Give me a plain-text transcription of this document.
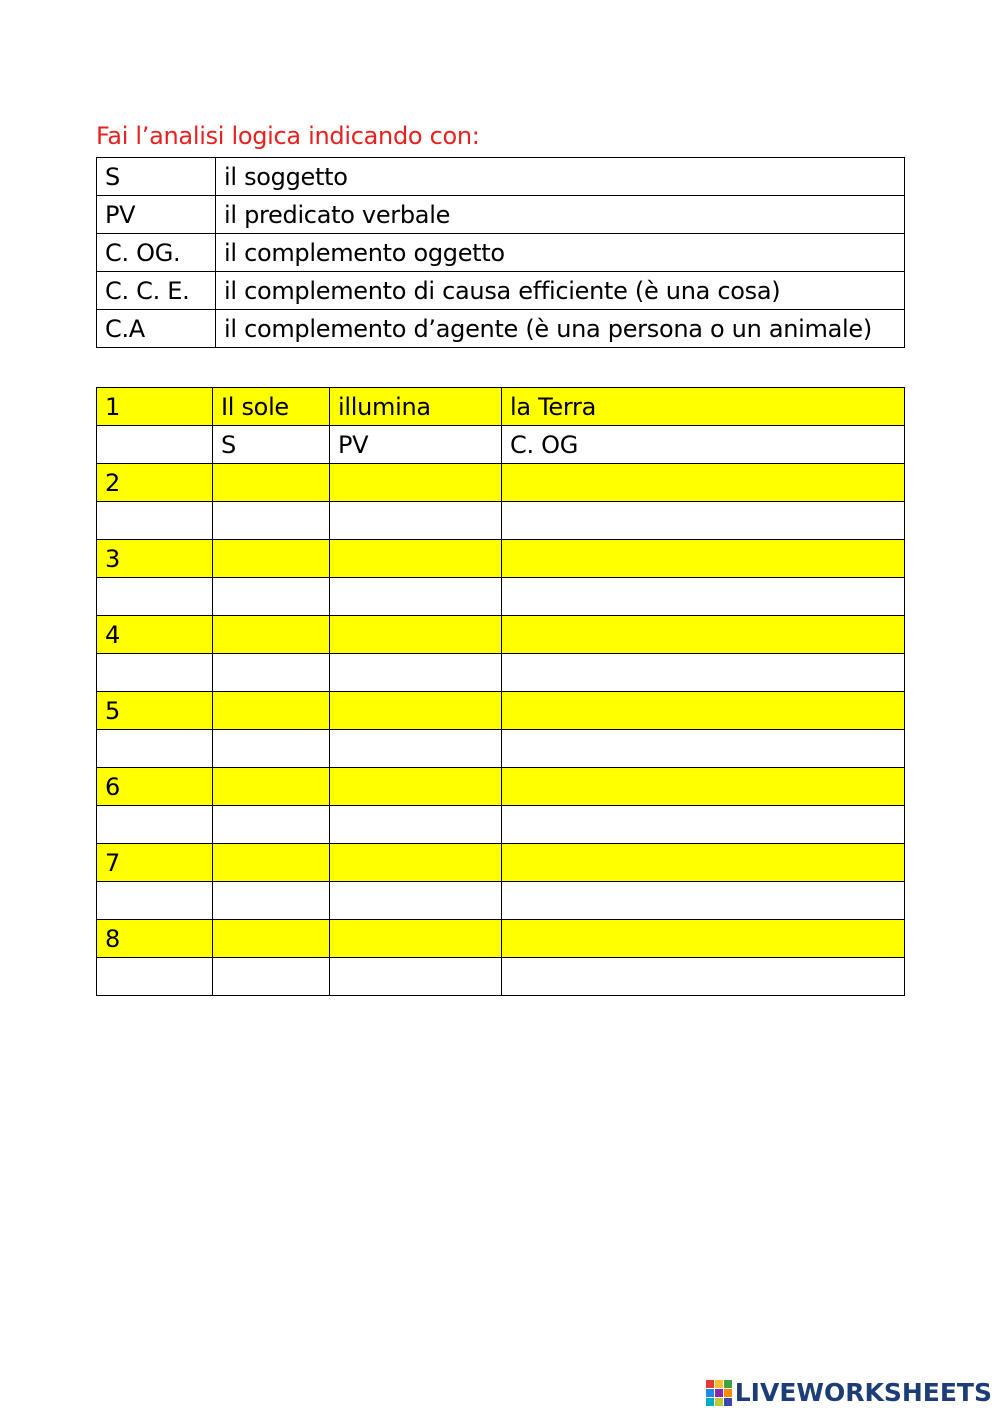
Fai l’analisi logica indicando con:
S	il soggetto
PV	il predicato verbale
C. OG.	il complemento oggetto
C. C. E.	il complemento di causa efficiente (è una cosa)
C.A	il complemento d’agente (è una persona o un animale)
1	Il sole	illumina	la Terra
	S	PV	C. OG
2			

3			

4			

5			

6			

7			

8			

LIVEWORKSHEETS
